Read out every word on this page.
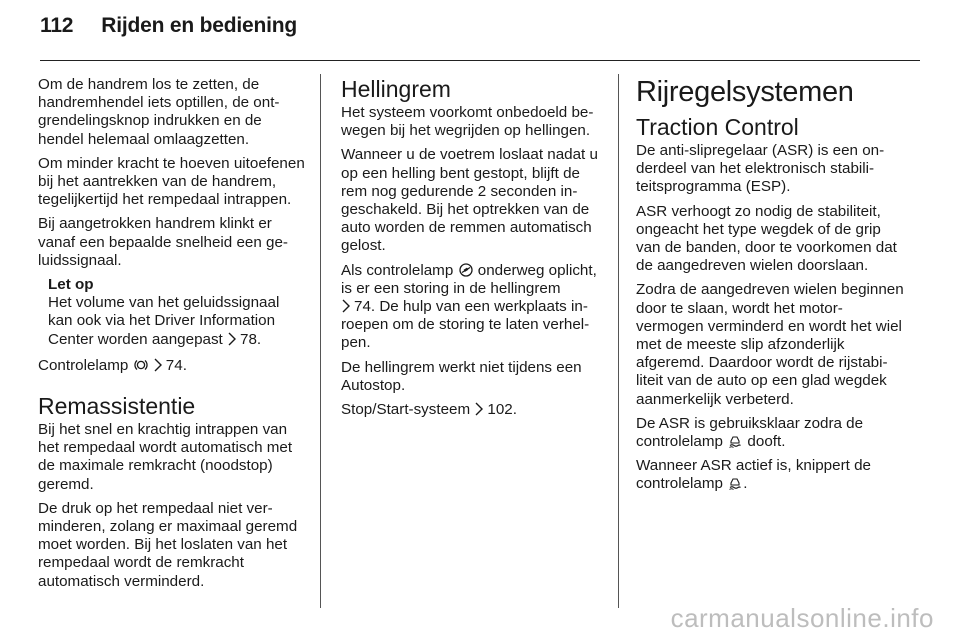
112 Rijden en bediening

Om de handrem los te zetten, de handremhendel iets optillen, de ontgrendelingsknop indrukken en de hendel helemaal omlaagzetten.

Om minder kracht te hoeven uitoefenen bij het aantrekken van de handrem, tegelijkertijd het rempedaal intrappen.

Bij aangetrokken handrem klinkt er vanaf een bepaalde snelheid een geluidssignaal.

Let op

Het volume van het geluidssignaal kan ook via het Driver Information Center worden aangepast 78.

Controlelamp
74.

Remassistentie

Bij het snel en krachtig intrappen van het rempedaal wordt automatisch met de maximale remkracht (noodstop) geremd.

De druk op het rempedaal niet verminderen, zolang er maximaal geremd moet worden. Bij het loslaten van het rempedaal wordt de remkracht automatisch verminderd.

Hellingrem

Het systeem voorkomt onbedoeld bewegen bij het wegrijden op hellingen.

Wanneer u de voetrem loslaat nadat u op een helling bent gestopt, blijft de rem nog gedurende 2 seconden ingeschakeld. Bij het optrekken van de auto worden de remmen automatisch gelost.

Als controlelamp onderweg oplicht, is er een storing in de hellingrem

74. De hulp van een werkplaats inroepen om de storing te laten verhelpen.

De hellingrem werkt niet tijdens een Autostop.

Stop/Start-systeem 102.

Rijregelsystemen
Traction Control

De anti-slipregelaar (ASR) is een onderdeel van het elektronisch stabiliteitsprogramma (ESP).

ASR verhoogt zo nodig de stabiliteit, ongeacht het type wegdek of de grip van de banden, door te voorkomen dat de aangedreven wielen doorslaan.

Zodra de aangedreven wielen beginnen door te slaan, wordt het motorvermogen verminderd en wordt het wiel met de meeste slip afzonderlijk afgeremd. Daardoor wordt de rijstabiliteit van de auto op een glad wegdek aanmerkelijk verbeterd.

De ASR is gebruiksklaar zodra de controlelamp dooft.

Wanneer ASR actief is, knippert de controlelamp .

carmanualsonline.info
